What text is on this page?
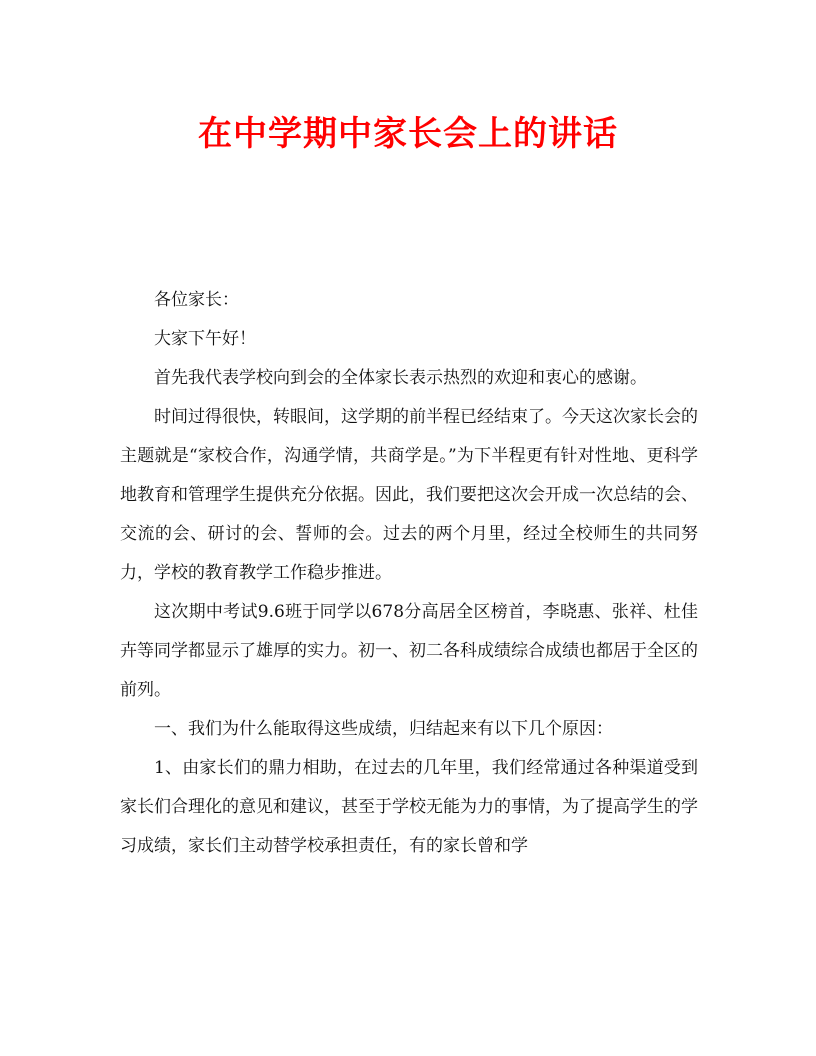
在中学期中家长会上的讲话

各位家长：

大家下午好！

首先我代表学校向到会的全体家长表示热烈的欢迎和衷心的感谢。

时间过得很快，转眼间，这学期的前半程已经结束了。今天这次家长会的主题就是“家校合作，沟通学情，共商学是。”为下半程更有针对性地、更科学地教育和管理学生提供充分依据。因此，我们要把这次会开成一次总结的会、交流的会、研讨的会、誓师的会。过去的两个月里，经过全校师生的共同努力，学校的教育教学工作稳步推进。

这次期中考试9.6班于同学以678分高居全区榜首，李晓惠、张祥、杜佳卉等同学都显示了雄厚的实力。初一、初二各科成绩综合成绩也都居于全区的前列。

一、我们为什么能取得这些成绩，归结起来有以下几个原因：

1、由家长们的鼎力相助，在过去的几年里，我们经常通过各种渠道受到家长们合理化的意见和建议，甚至于学校无能为力的事情，为了提高学生的学习成绩，家长们主动替学校承担责任，有的家长曾和学
